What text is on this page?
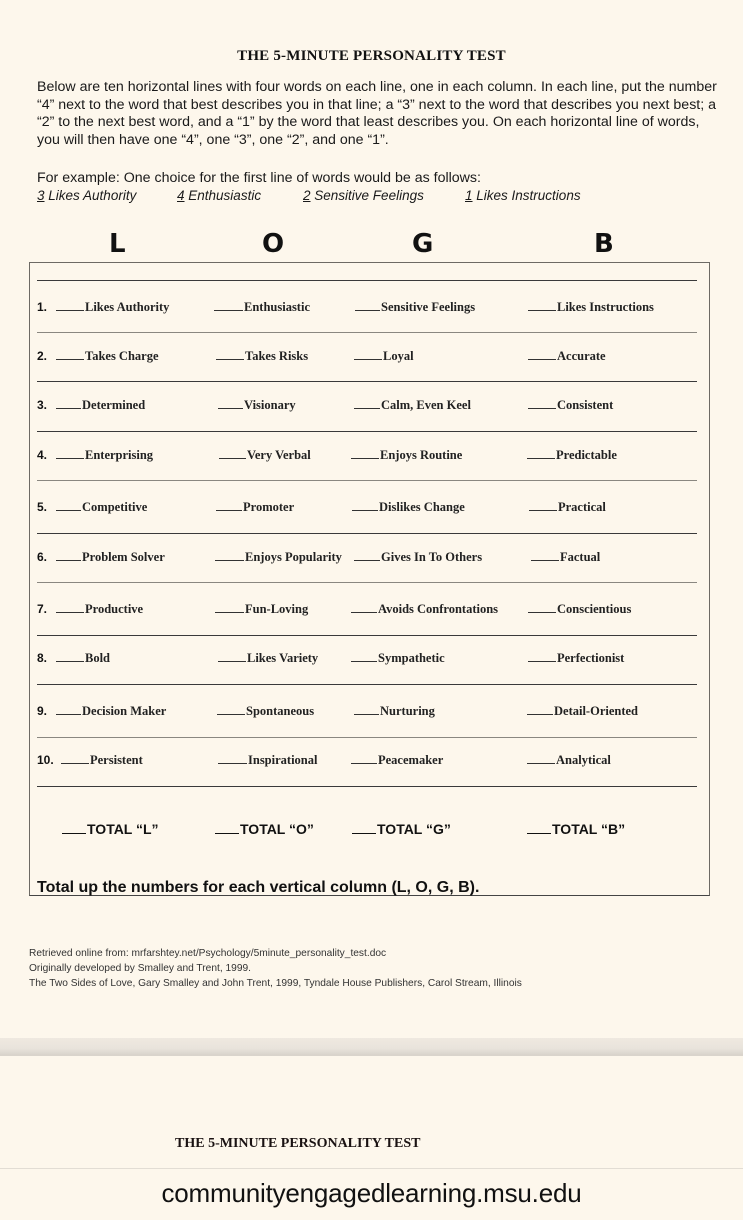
THE 5-MINUTE PERSONALITY TEST

Below are ten horizontal lines with four words on each line, one in each column. In each line, put the number “4” next to the word that best describes you in that line; a “3” next to the word that describes you next best; a “2” to the next best word, and a “1” by the word that least describes you. On each horizontal line of words, you will then have one “4”, one “3”, one “2”, and one “1”.

For example: One choice for the first line of words would be as follows:
3 Likes Authority	4 Enthusiastic	2 Sensitive Feelings	1 Likes Instructions
L	O	G	B
1.	Likes Authority	Enthusiastic	Sensitive Feelings	Likes Instructions
2.	Takes Charge	Takes Risks	Loyal	Accurate
3.	Determined	Visionary	Calm, Even Keel	Consistent
4.	Enterprising	Very Verbal	Enjoys Routine	Predictable
5.	Competitive	Promoter	Dislikes Change	Practical
6.	Problem Solver	Enjoys Popularity	Gives In To Others	Factual
7.	Productive	Fun-Loving	Avoids Confrontations	Conscientious
8.	Bold	Likes Variety	Sympathetic	Perfectionist
9.	Decision Maker	Spontaneous	Nurturing	Detail-Oriented
10.	Persistent	Inspirational	Peacemaker	Analytical
TOTAL “L”	TOTAL “O”	TOTAL “G”	TOTAL “B”
Total up the numbers for each vertical column (L, O, G, B).
Retrieved online from: mrfarshtey.net/Psychology/5minute_personality_test.doc
Originally developed by Smalley and Trent, 1999.
The Two Sides of Love, Gary Smalley and John Trent, 1999, Tyndale House Publishers, Carol Stream, Illinois
THE 5-MINUTE PERSONALITY TEST
communityengagedlearning.msu.edu
